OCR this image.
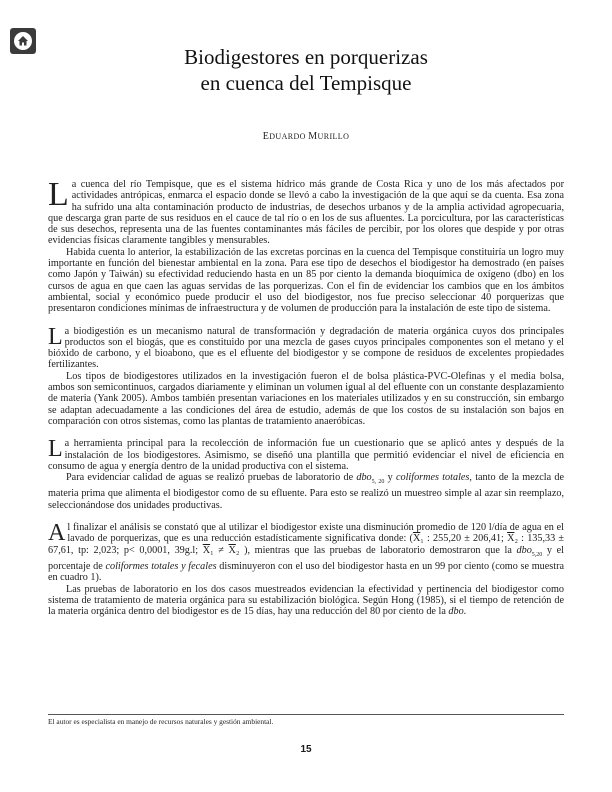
Biodigestores en porquerizas
en cuenca del Tempisque
EDUARDO MURILLO

La cuenca del río Tempisque, que es el sistema hídrico más grande de Costa Rica y uno de los más afectados por actividades antrópicas, enmarca el espacio donde se llevó a cabo la investigación de la que aquí se da cuenta. Esa zona ha sufrido una alta contaminación producto de industrias, de desechos urbanos y de la amplia actividad agropecuaria, que descarga gran parte de sus residuos en el cauce de tal río o en los de sus afluentes. La porcicultura, por las características de sus desechos, representa una de las fuentes contaminantes más fáciles de percibir, por los olores que despide y por otras evidencias físicas claramente tangibles y mensurables.

Habida cuenta lo anterior, la estabilización de las excretas porcinas en la cuenca del Tempisque constituiría un logro muy importante en función del bienestar ambiental en la zona. Para ese tipo de desechos el biodigestor ha demostrado (en países como Japón y Taiwán) su efectividad reduciendo hasta en un 85 por ciento la demanda bioquímica de oxígeno (dbo) en los cursos de agua en que caen las aguas servidas de las porquerizas. Con el fin de evidenciar los cambios que en los ámbitos ambiental, social y económico puede producir el uso del biodigestor, nos fue preciso seleccionar 40 porquerizas que presentaron condiciones mínimas de infraestructura y de volumen de producción para la instalación de este tipo de sistema.

La biodigestión es un mecanismo natural de transformación y degradación de materia orgánica cuyos dos principales productos son el biogás, que es constituido por una mezcla de gases cuyos principales componentes son el metano y el bióxido de carbono, y el bioabono, que es el efluente del biodigestor y se compone de residuos de excelentes propiedades fertilizantes.

Los tipos de biodigestores utilizados en la investigación fueron el de bolsa plástica-PVC-Olefinas y el media bolsa, ambos son semicontinuos, cargados diariamente y eliminan un volumen igual al del efluente con un constante desplazamiento de materia (Yank 2005). Ambos también presentan variaciones en los materiales utilizados y en su construcción, sin embargo se adaptan adecuadamente a las condiciones del área de estudio, además de que los costos de su instalación son bajos en comparación con otros sistemas, como las plantas de tratamiento anaeróbicas.

La herramienta principal para la recolección de información fue un cuestionario que se aplicó antes y después de la instalación de los biodigestores. Asimismo, se diseñó una plantilla que permitió evidenciar el nivel de eficiencia en consumo de agua y energía dentro de la unidad productiva con el sistema.

Para evidenciar calidad de aguas se realizó pruebas de laboratorio de dbo$_{5, 20}$ y coliformes totales, tanto de la mezcla de materia prima que alimenta el biodigestor como de su efluente. Para esto se realizó un muestreo simple al azar sin reemplazo, seleccionándose dos unidades productivas.

Al finalizar el análisis se constató que al utilizar el biodigestor existe una disminución promedio de 120 l/día de agua en el lavado de porquerizas, que es una reducción estadísticamente significativa donde: ($\overline{X}_1$ : 255,20 ± 206,41; $\overline{X}_2$ : 135,33 ± 67,61, tp: 2,023; p< 0,0001, 39g.l; $\overline{X}_1 \ne \overline{X}_2$ ), mientras que las pruebas de laboratorio demostraron que la dbo$_{5,20}$ y el porcentaje de coliformes totales y fecales disminuyeron con el uso del biodigestor hasta en un 99 por ciento (como se muestra en cuadro 1).

Las pruebas de laboratorio en los dos casos muestreados evidencian la efectividad y pertinencia del biodigestor como sistema de tratamiento de materia orgánica para su estabilización biológica. Según Hong (1985), si el tiempo de retención de la materia orgánica dentro del biodigestor es de 15 días, hay una reducción del 80 por ciento de la dbo.

El autor es especialista en manejo de recursos naturales y gestión ambiental.
15
